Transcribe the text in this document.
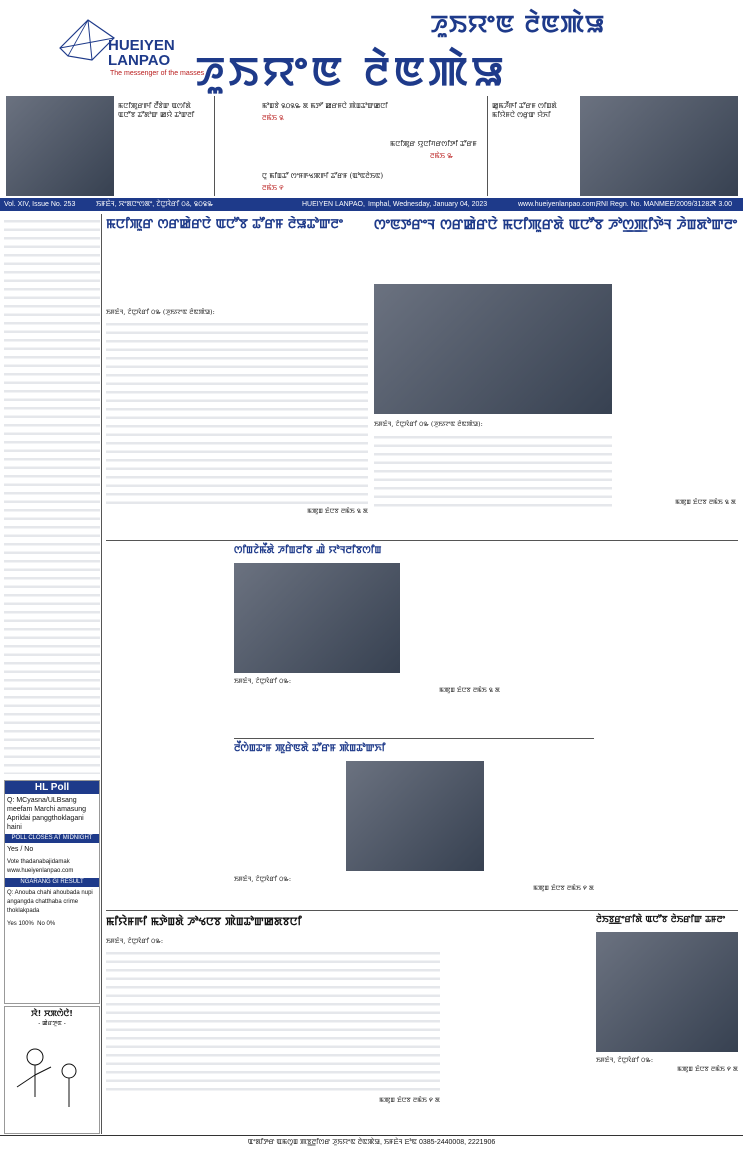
HUEIYEN
LANPAO
The messenger of the masses
ꯍꯨꯏꯌꯦꯟ ꯂꯥꯟꯄꯥꯎ
ꯍꯨꯏꯌꯦꯟ ꯂꯥꯟꯄꯥꯎ
ꯃꯅꯤꯄꯨꯔꯒꯤ ꯂꯩꯕꯥꯛ ꯑꯁꯤꯗꯥ ꯑꯅꯧꯕ ꯊꯧꯗꯣꯛ ꯀꯌꯥ ꯊꯣꯛꯂꯤ
ꯃꯣꯡꯕꯥ ꯲꯰꯲꯳ ꯗ ꯃꯇꯧ ꯀꯔꯝꯅꯥ ꯄꯥꯡꯊꯣꯛꯀꯅꯤ
ꯂꯃꯥꯏ ꯲
ꯃꯅꯤꯄꯨꯔ ꯌꯨꯅꯤꯚꯔꯁꯤꯇꯤ ꯊꯧꯔꯝ
ꯂꯃꯥꯏ ꯳
ꯅꯨ ꯃꯤꯡꯊꯧ ꯁꯦꯝꯒꯠꯄꯒꯤ ꯊꯧꯔꯝ (ꯑꯣꯟꯂꯥꯏꯟ)
ꯂꯃꯥꯏ ꯵
ꯀꯨꯃꯍꯩꯒꯤ ꯊꯧꯔꯝ ꯁꯤꯡꯗꯥ ꯃꯤꯌꯥꯝꯅꯥ ꯁꯔꯨꯛ ꯌꯥꯈꯤ
Vol. XIV, Issue No. 253	ꯏꯝꯐꯥꯜ, ꯋꯦꯗꯅꯦꯁꯗꯦ, ꯖꯥꯅꯨꯋꯥꯔꯤ ꯰꯴, ꯲꯰꯲꯳	HUEIYEN LANPAO, Imphal, Wednesday, January 04, 2023	www.hueiyenlanpao.com,
RNI Regn. No. MANMEE/2009/31282
₹ 3.00
ꯃꯅꯤꯄꯨꯔ ꯁꯔꯀꯥꯔꯅꯥ ꯑꯅꯧꯕ ꯊꯧꯔꯝ ꯂꯥꯎꯊꯣꯛꯂꯦ
ꯏꯝꯐꯥꯜ, ꯖꯥꯅꯨꯋꯥꯔꯤ ꯰꯳ (ꯍꯨꯏꯌꯦꯟ ꯂꯥꯟꯄꯥꯎ):
ꯃꯄꯨꯡ ꯐꯥꯅꯕ ꯂꯃꯥꯏ ꯲ ꯗ
ꯁꯦꯟꯇꯔꯦꯜ ꯁꯔꯀꯥꯔꯅꯥ ꯃꯅꯤꯄꯨꯔꯗꯥ ꯑꯅꯧꯕ ꯍꯣꯁ꯭ꯄꯤꯇꯥꯜ ꯍꯥꯡꯗꯣꯛꯂꯦ
ꯏꯝꯐꯥꯜ, ꯖꯥꯅꯨꯋꯥꯔꯤ ꯰꯳ (ꯍꯨꯏꯌꯦꯟ ꯂꯥꯟꯄꯥꯎ):
ꯃꯄꯨꯡ ꯐꯥꯅꯕ ꯂꯃꯥꯏ ꯲ ꯗ
ꯁꯤꯡꯖꯥꯃꯩꯗꯥ ꯍꯤꯡꯂꯤꯕ ꯉꯥ ꯌꯣꯜꯂꯤꯕꯁꯤꯡ
ꯏꯝꯐꯥꯜ, ꯖꯥꯅꯨꯋꯥꯔꯤ ꯰꯳:
ꯃꯄꯨꯡ ꯐꯥꯅꯕ ꯂꯃꯥꯏ ꯲ ꯗ
ꯂꯩꯁꯥꯡꯊꯦꯝ ꯄꯨꯔꯥꯟꯗꯥ ꯊꯧꯔꯝ ꯄꯥꯡꯊꯣꯛꯈꯤ
ꯏꯝꯐꯥꯜ, ꯖꯥꯅꯨꯋꯥꯔꯤ ꯰꯳:
ꯃꯄꯨꯡ ꯐꯥꯅꯕ ꯂꯃꯥꯏ ꯵ ꯗ
ꯃꯤꯌꯥꯝꯒꯤ ꯃꯇꯥꯡꯗꯥ ꯍꯣꯠꯅꯕ ꯄꯥꯡꯊꯣꯛꯀꯗꯕꯅꯤ
ꯏꯝꯐꯥꯜ, ꯖꯥꯅꯨꯋꯥꯔꯤ ꯰꯳:
ꯃꯄꯨꯡ ꯐꯥꯅꯕ ꯂꯃꯥꯏ ꯵ ꯗ
ꯂꯥꯏꯕ꯭ꯔꯦꯔꯤꯗꯥ ꯑꯅꯧꯕ ꯂꯥꯏꯔꯤꯛ ꯊꯝꯂꯦ
ꯏꯝꯐꯥꯜ, ꯖꯥꯅꯨꯋꯥꯔꯤ ꯰꯳:
ꯃꯄꯨꯡ ꯐꯥꯅꯕ ꯂꯃꯥꯏ ꯵ ꯗ
HL Poll
Q: MCyasna/ULBsang meefam Marchi amasung Aprildai panggthoklagani haini
POLL CLOSES AT MIDNIGHT
Yes / No
Vote thadanabajidamak www.hueiyenlanpao.com
NGARANG GI RESULT
Q: Anouba chahi ahoubada nupi angangda chatthaba crime thoklakpada
Yes 100% No 0%
ꯋꯥ! ꯆꯞꯁꯥꯅꯥ!
- ꯀꯥꯔꯇꯨꯟ -
ꯑꯦꯗꯤꯇꯔ ꯑꯃꯁꯨꯡ ꯄꯕ꯭ꯂꯤꯁꯔ ꯍꯨꯏꯌꯦꯟ ꯂꯥꯟꯄꯥꯎ, ꯏꯝꯐꯥꯜ ꯐꯣꯟ 0385-2440008, 2221906
